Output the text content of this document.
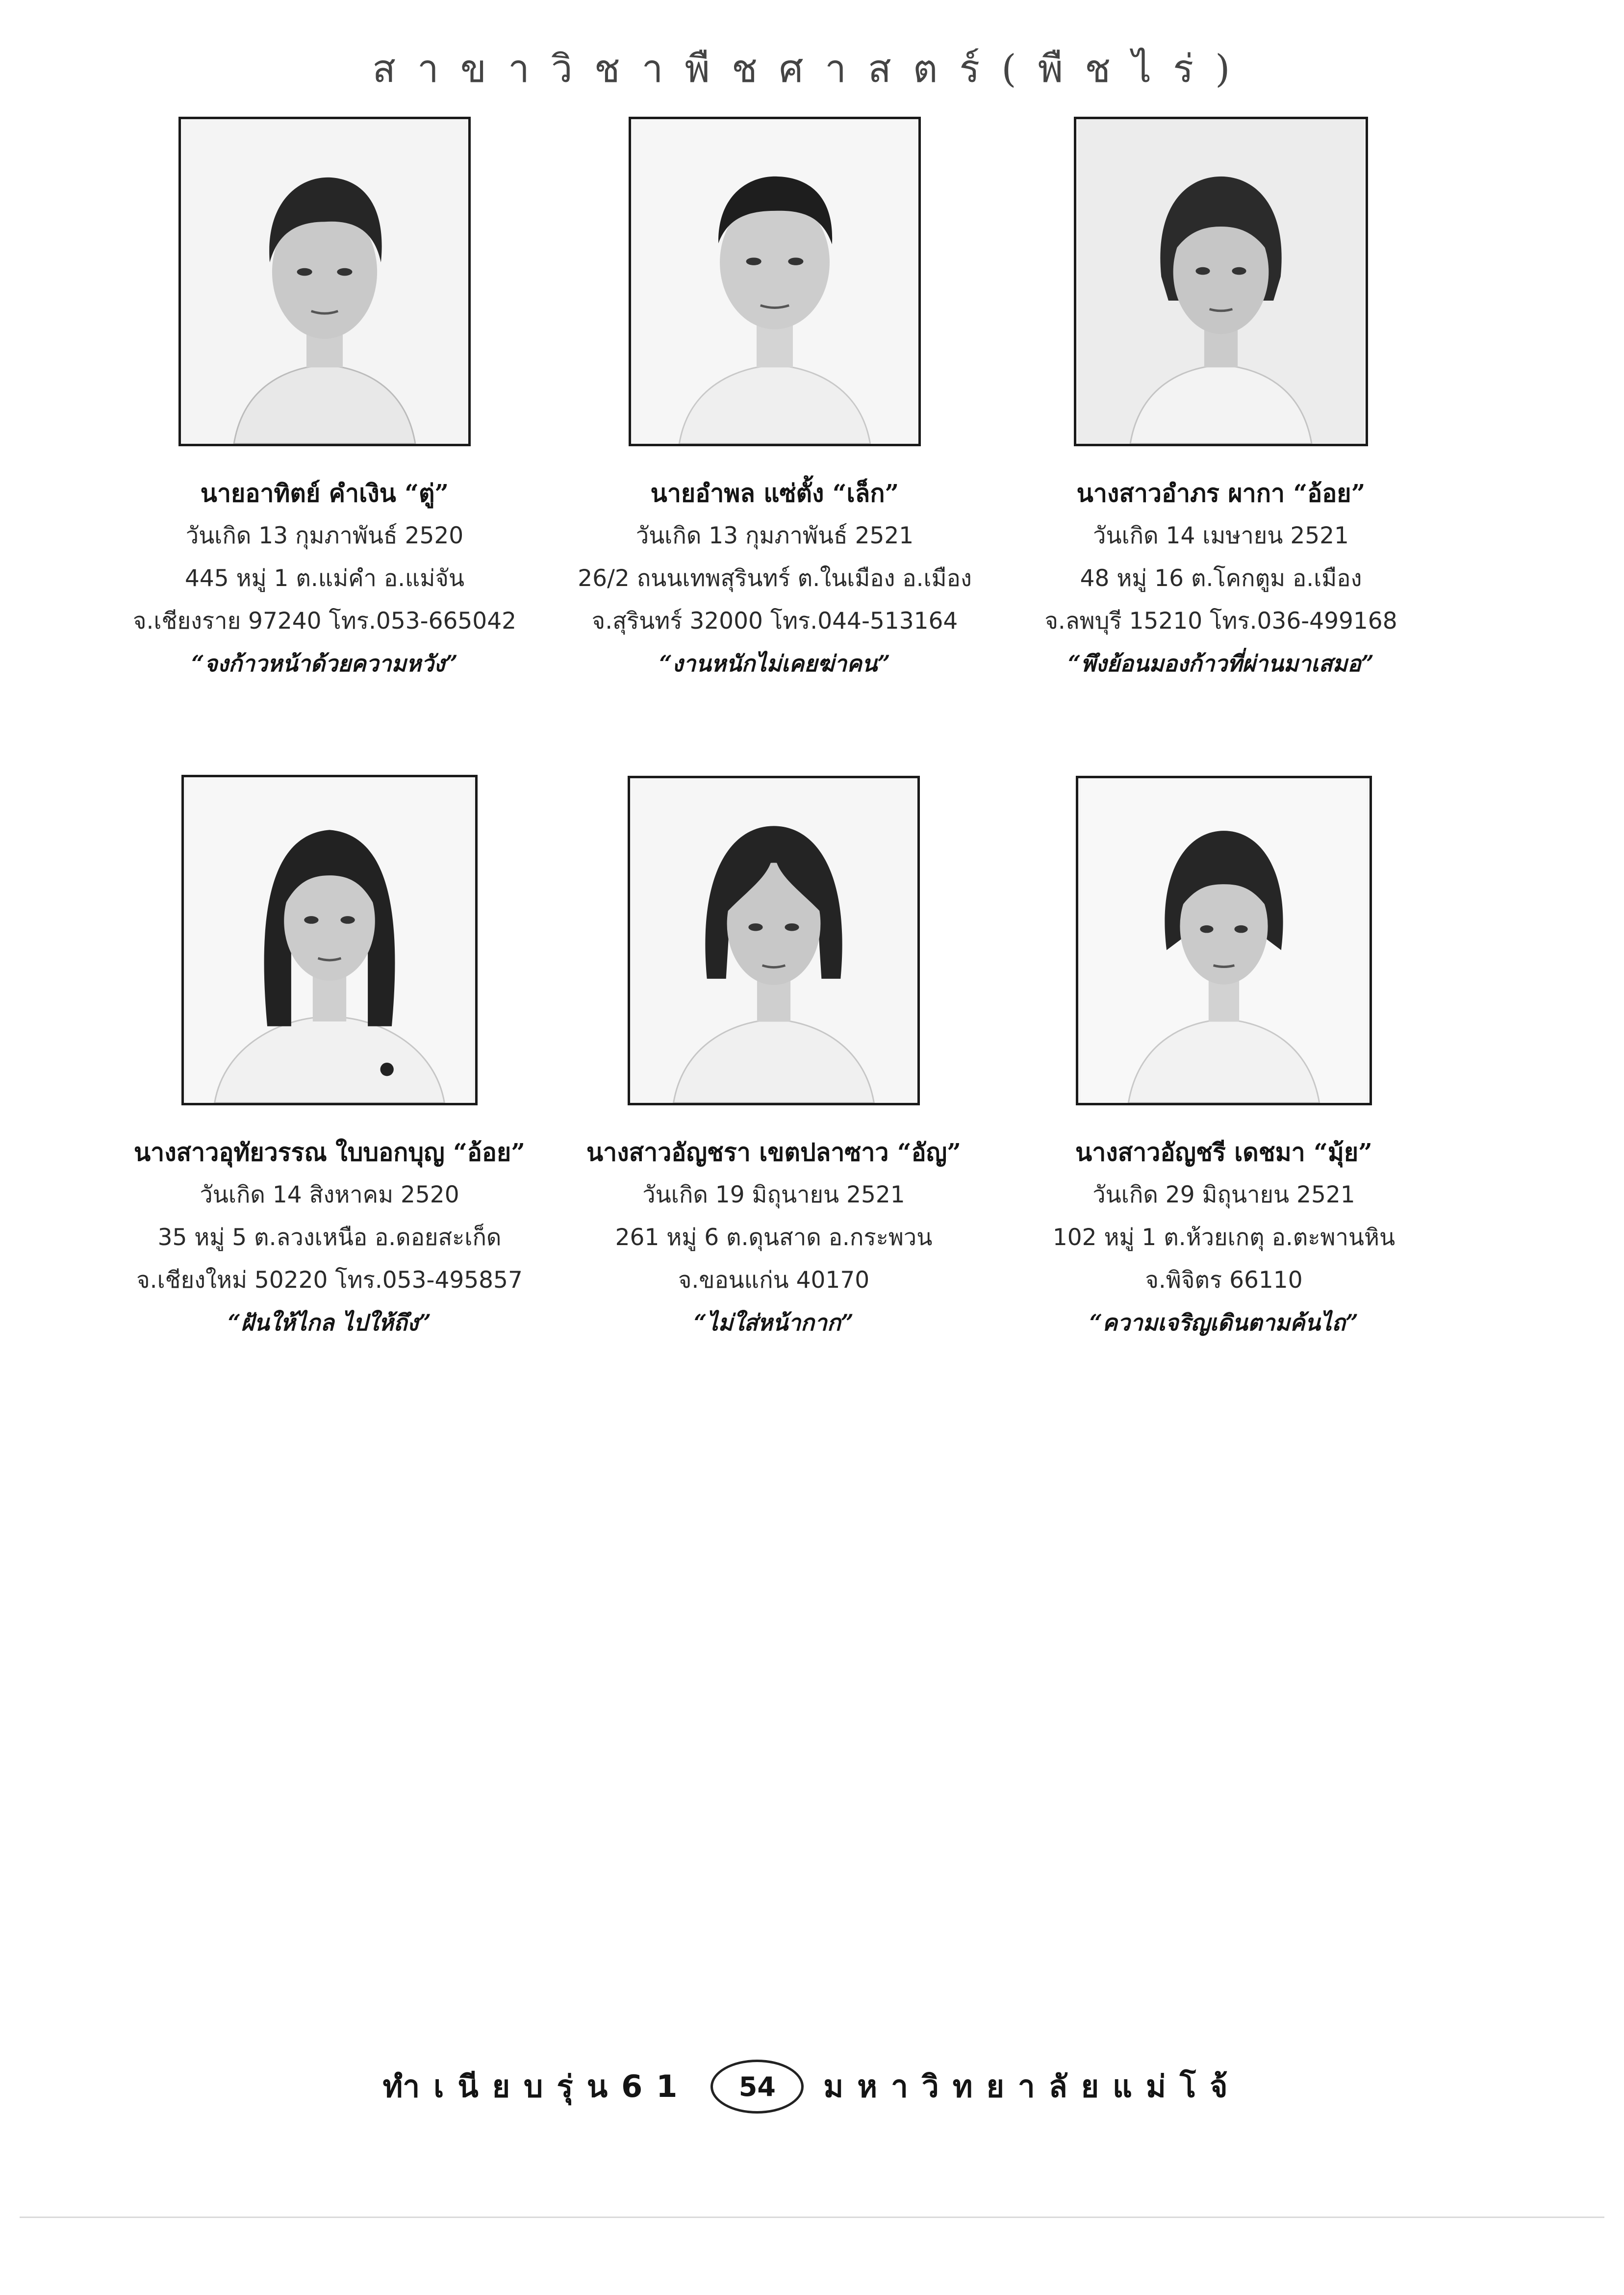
สาขาวิชาพืชศาสตร์(พืชไร่)
นายอาทิตย์ คำเงิน “ตู่”
วันเกิด 13 กุมภาพันธ์ 2520
445 หมู่ 1 ต.แม่คำ อ.แม่จัน
จ.เชียงราย 97240 โทร.053-665042
“จงก้าวหน้าด้วยความหวัง”
นายอำพล แซ่ตั้ง “เล็ก”
วันเกิด 13 กุมภาพันธ์ 2521
26/2 ถนนเทพสุรินทร์ ต.ในเมือง อ.เมือง
จ.สุรินทร์ 32000 โทร.044-513164
“งานหนักไม่เคยฆ่าคน”
นางสาวอำภร ผากา “อ้อย”
วันเกิด 14 เมษายน 2521
48 หมู่ 16 ต.โคกตูม อ.เมือง
จ.ลพบุรี 15210 โทร.036-499168
“พึงย้อนมองก้าวที่ผ่านมาเสมอ”
นางสาวอุทัยวรรณ ใบบอกบุญ “อ้อย”
วันเกิด 14 สิงหาคม 2520
35 หมู่ 5 ต.ลวงเหนือ อ.ดอยสะเก็ด
จ.เชียงใหม่ 50220 โทร.053-495857
“ฝันให้ไกล ไปให้ถึง”
นางสาวอัญชรา เขตปลาซาว “อัญ”
วันเกิด 19 มิถุนายน 2521
261 หมู่ 6 ต.ดุนสาด อ.กระพวน
จ.ขอนแก่น 40170
“ไม่ใส่หน้ากาก”
นางสาวอัญชรี เดชมา “มุ้ย”
วันเกิด 29 มิถุนายน 2521
102 หมู่ 1 ต.ห้วยเกตุ อ.ตะพานหิน
จ.พิจิตร 66110
“ความเจริญเดินตามค้นไถ”
ทำเนียบรุ่น61	54	มหาวิทยาลัยแม่โจ้
